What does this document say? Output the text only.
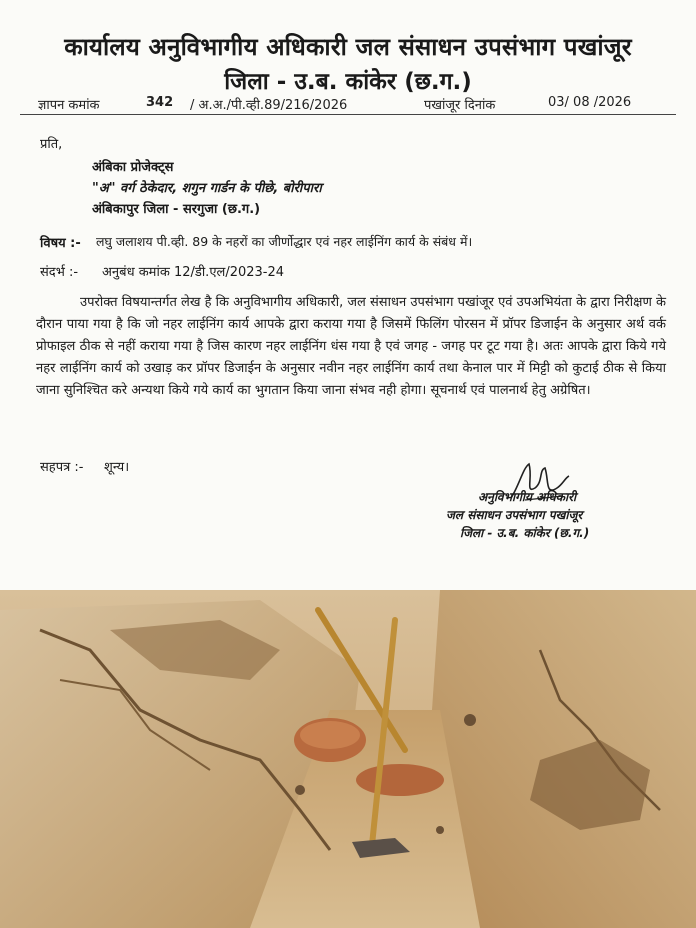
कार्यालय अनुविभागीय अधिकारी जल संसाधन उपसंभाग पखांजूर
जिला - उ.ब. कांकेर (छ.ग.)
ज्ञापन कमांक	342 / अ.अ./पी.व्ही.89/216/2026	पखांजूर दिनांक	03/ 08 /2026
प्रति,
अंबिका प्रोजेक्ट्स
"अ" वर्ग ठेकेदार, शगुन गार्डन के पीछे, बोरीपारा
अंबिकापुर जिला - सरगुजा (छ.ग.)
विषय :- लघु जलाशय पी.व्ही. 89 के नहरों का जीर्णोद्धार एवं नहर लाईनिंग कार्य के संबंध में।
संदर्भ :- अनुबंध कमांक 12/डी.एल/2023-24

उपरोक्त विषयान्तर्गत लेख है कि अनुविभागीय अधिकारी, जल संसाधन उपसंभाग पखांजूर एवं उपअभियंता के द्वारा निरीक्षण के दौरान पाया गया है कि जो नहर लाईनिंग कार्य आपके द्वारा कराया गया है जिसमें फिलिंग पोरसन में प्रॉपर डिजाईन के अनुसार अर्थ वर्क प्रोफाइल ठीक से नहीं कराया गया है जिस कारण नहर लाईनिंग धंस गया है एवं जगह - जगह पर टूट गया है। अतः आपके द्वारा किये गये नहर लाईनिंग कार्य को उखाड़ कर प्रॉपर डिजाईन के अनुसार नवीन नहर लाईनिंग कार्य तथा केनाल पार में मिट्टी को कुटाई ठीक से किया जाना सुनिश्चित करे अन्यथा किये गये कार्य का भुगतान किया जाना संभव नही होगा। सूचनार्थ एवं पालनार्थ हेतु अग्रेषित।

सहपत्र :- शून्य।
अनुविभागीय अधिकारी
जल संसाधन उपसंभाग पखांजूर
जिला - उ.ब. कांकेर (छ.ग.)
